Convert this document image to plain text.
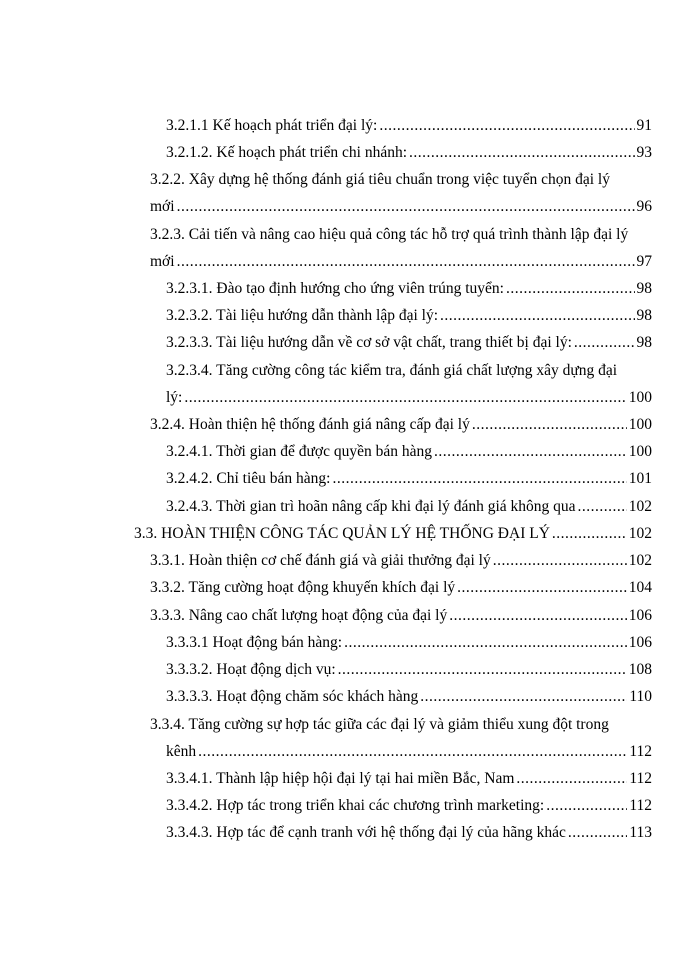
3.2.1.1 Kế hoạch phát triển đại lý: .....	91
3.2.1.2. Kế hoạch phát triển chi nhánh: .....	93
3.2.2. Xây dựng hệ thống đánh giá tiêu chuẩn trong việc tuyển chọn đại lý
mới .....	96
3.2.3. Cải tiến và nâng cao hiệu quả công tác hỗ trợ quá trình thành lập đại lý
mới .....	97
3.2.3.1. Đào tạo định hướng cho ứng viên trúng tuyển: .....	98
3.2.3.2. Tài liệu hướng dẫn thành lập đại lý: .....	98
3.2.3.3. Tài liệu hướng dẫn về cơ sở vật chất, trang thiết bị đại lý: .....	98
3.2.3.4. Tăng cường công tác kiểm tra, đánh giá chất lượng xây dựng đại
lý: .....	100
3.2.4. Hoàn thiện hệ thống đánh giá nâng cấp đại lý .....	100
3.2.4.1. Thời gian để được quyền bán hàng .....	100
3.2.4.2. Chỉ tiêu bán hàng: .....	101
3.2.4.3. Thời gian trì hoãn nâng cấp khi đại lý đánh giá không qua .....	102
3.3. HOÀN THIỆN CÔNG TÁC QUẢN LÝ HỆ THỐNG ĐẠI LÝ .....	102
3.3.1. Hoàn thiện cơ chế đánh giá và giải thưởng đại lý .....	102
3.3.2. Tăng cường hoạt động khuyến khích đại lý .....	104
3.3.3. Nâng cao chất lượng hoạt động của đại lý .....	106
3.3.3.1 Hoạt động bán hàng: .....	106
3.3.3.2. Hoạt động dịch vụ: .....	108
3.3.3.3. Hoạt động chăm sóc khách hàng .....	110
3.3.4. Tăng cường sự hợp tác giữa các đại lý và giảm thiểu xung đột trong
kênh .....	112
3.3.4.1. Thành lập hiệp hội đại lý tại hai miền Bắc, Nam .....	112
3.3.4.2. Hợp tác trong triển khai các chương trình marketing: .....	112
3.3.4.3. Hợp tác để cạnh tranh với hệ thống đại lý của hãng khác .....	113
